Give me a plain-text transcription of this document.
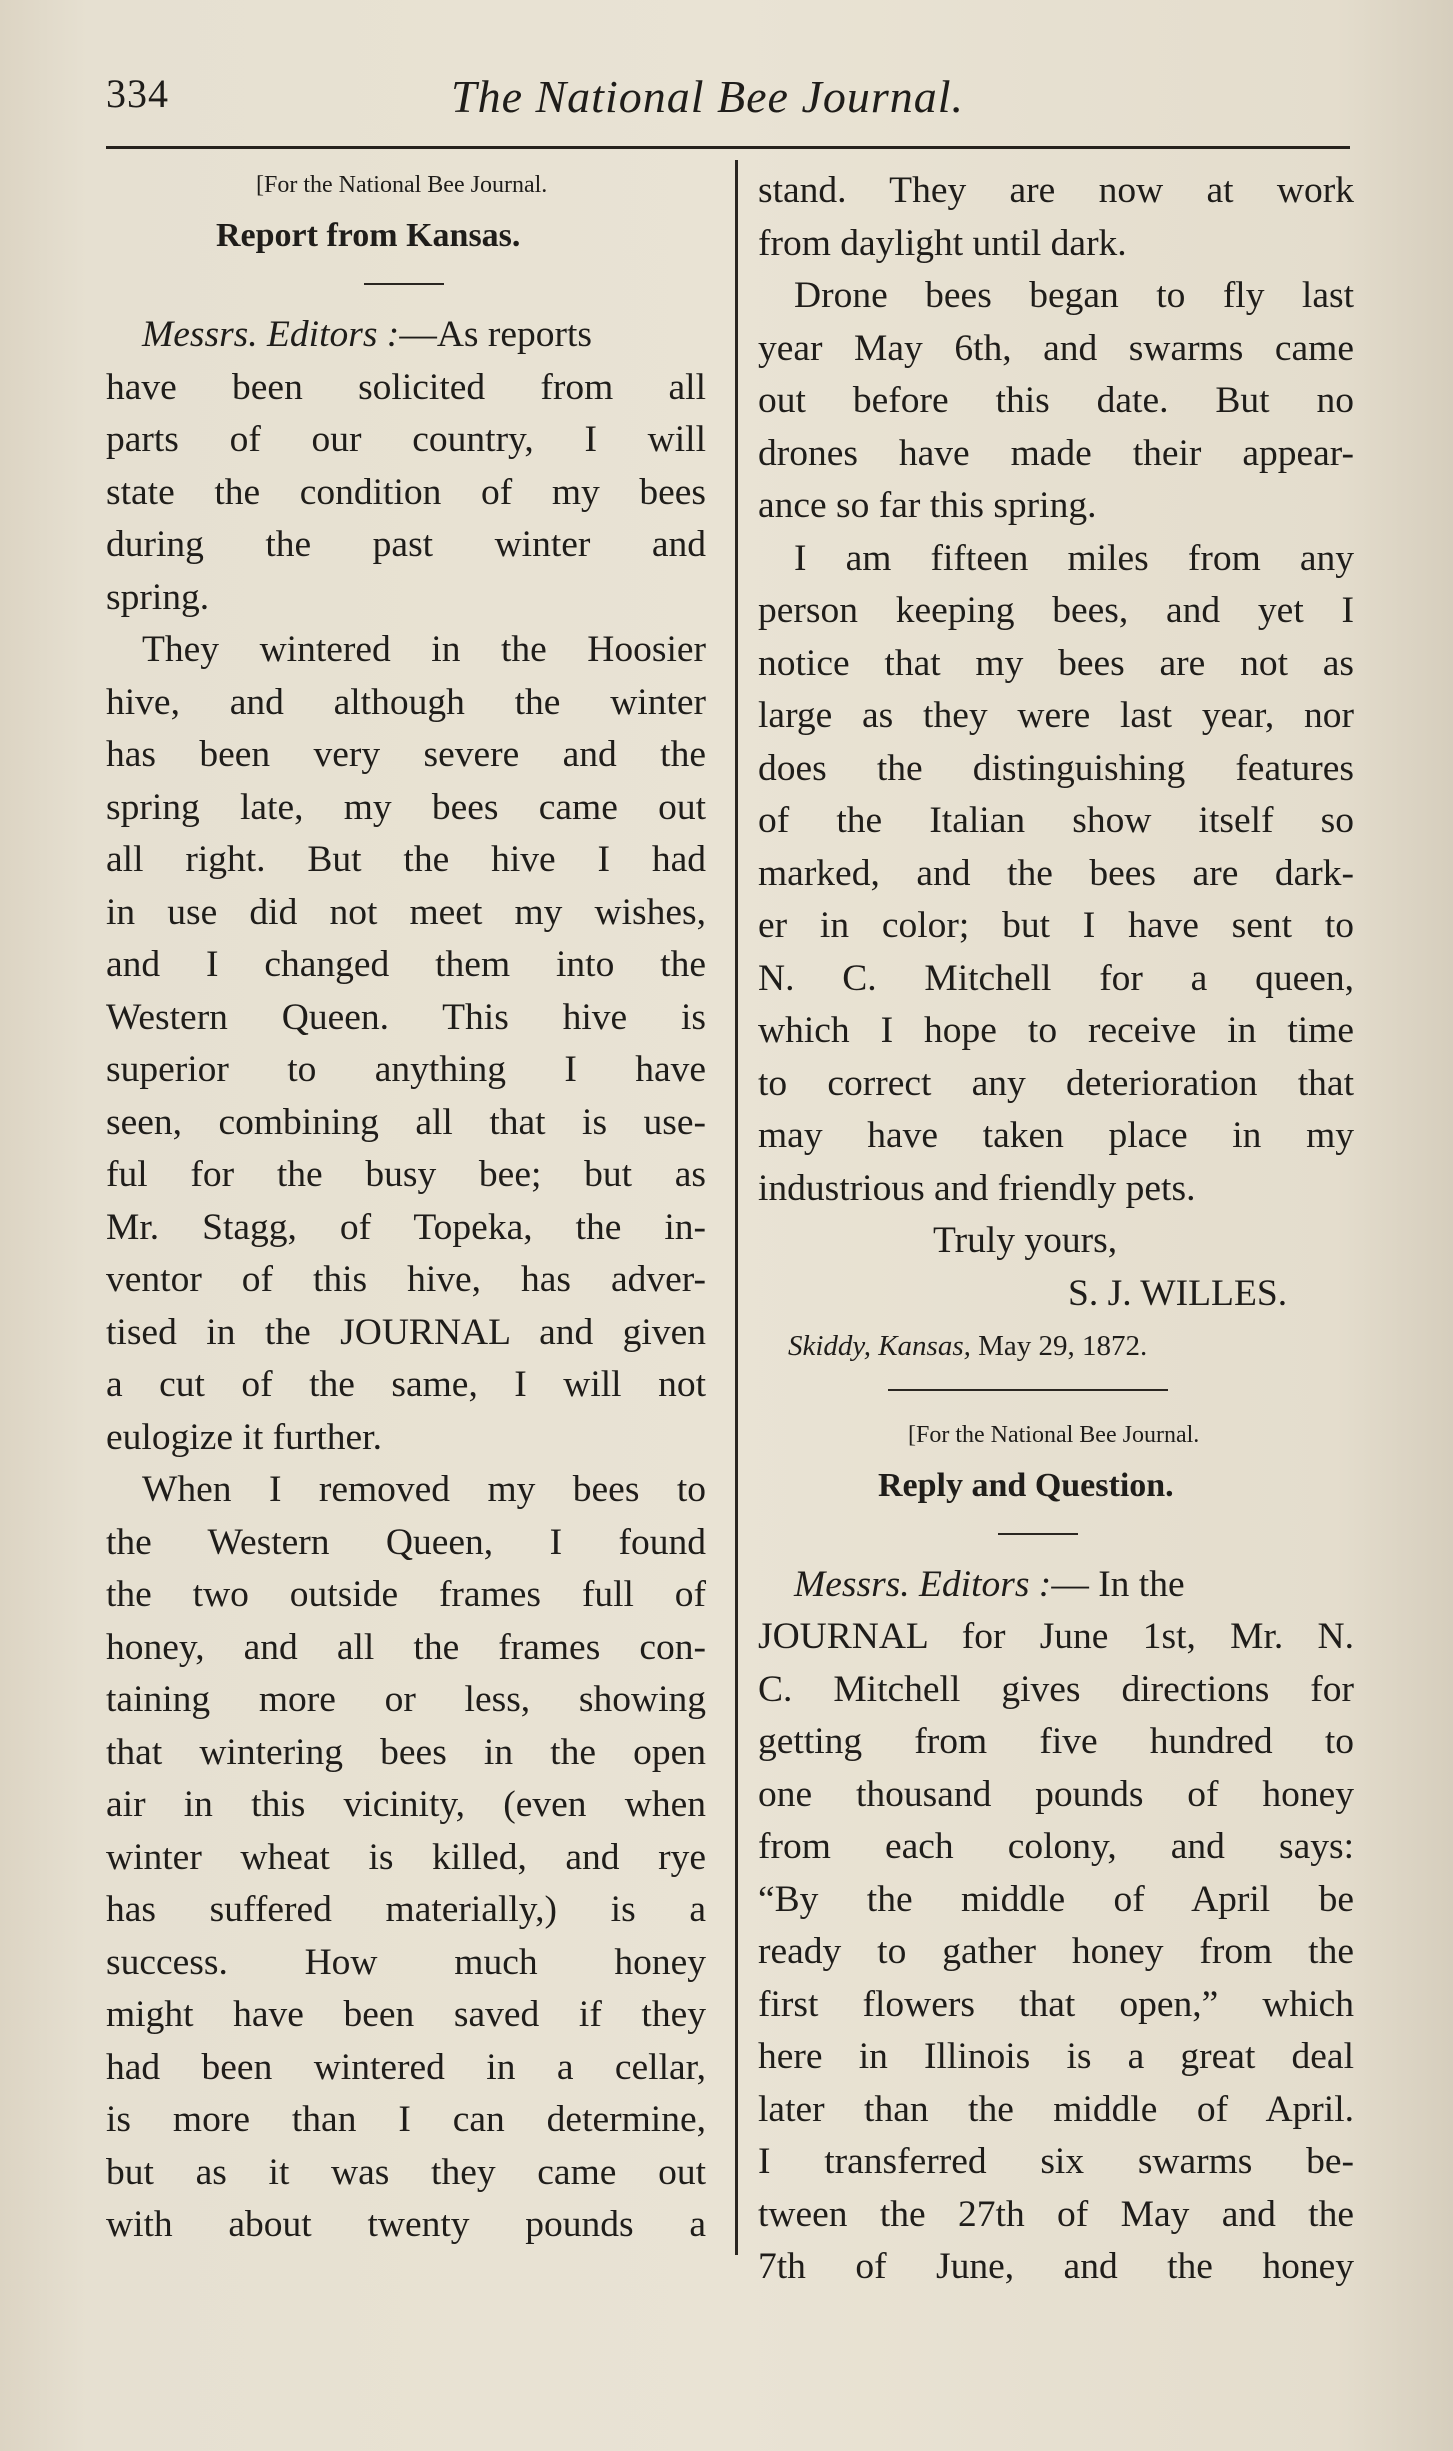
334	The National Bee Journal.
[For the National Bee Journal.
Report from Kansas.
Messrs. Editors :—As reports
have been solicited from all
parts of our country, I will
state the condition of my bees
during the past winter and
spring.
They wintered in the Hoosier
hive, and although the winter
has been very severe and the
spring late, my bees came out
all right. But the hive I had
in use did not meet my wishes,
and I changed them into the
Western Queen. This hive is
superior to anything I have
seen, combining all that is use-
ful for the busy bee; but as
Mr. Stagg, of Topeka, the in-
ventor of this hive, has adver-
tised in the JOURNAL and given
a cut of the same, I will not
eulogize it further.
When I removed my bees to
the Western Queen, I found
the two outside frames full of
honey, and all the frames con-
taining more or less, showing
that wintering bees in the open
air in this vicinity, (even when
winter wheat is killed, and rye
has suffered materially,) is a
success. How much honey
might have been saved if they
had been wintered in a cellar,
is more than I can determine,
but as it was they came out
with about twenty pounds a
stand. They are now at work
from daylight until dark.
Drone bees began to fly last
year May 6th, and swarms came
out before this date. But no
drones have made their appear-
ance so far this spring.
I am fifteen miles from any
person keeping bees, and yet I
notice that my bees are not as
large as they were last year, nor
does the distinguishing features
of the Italian show itself so
marked, and the bees are dark-
er in color; but I have sent to
N. C. Mitchell for a queen,
which I hope to receive in time
to correct any deterioration that
may have taken place in my
industrious and friendly pets.
Truly yours,
S. J. WILLES.
Skiddy, Kansas, May 29, 1872.
[For the National Bee Journal.
Reply and Question.
Messrs. Editors :— In the
JOURNAL for June 1st, Mr. N.
C. Mitchell gives directions for
getting from five hundred to
one thousand pounds of honey
from each colony, and says:
“By the middle of April be
ready to gather honey from the
first flowers that open,” which
here in Illinois is a great deal
later than the middle of April.
I transferred six swarms be-
tween the 27th of May and the
7th of June, and the honey
